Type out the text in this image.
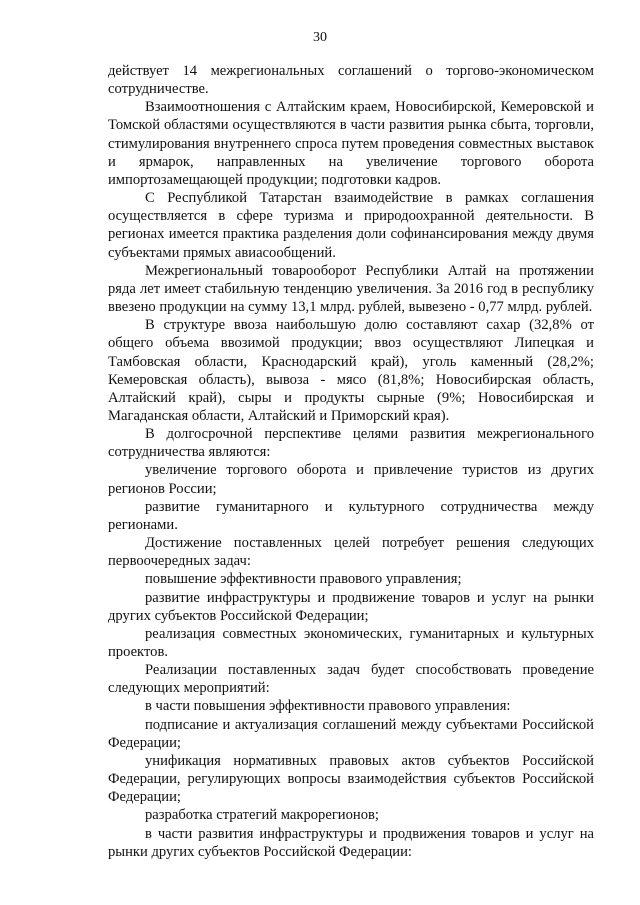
30

действует 14 межрегиональных соглашений о торгово-экономическом сотрудничестве.

Взаимоотношения с Алтайским краем, Новосибирской, Кемеровской и Томской областями осуществляются в части развития рынка сбыта, торговли, стимулирования внутреннего спроса путем проведения совместных выставок и ярмарок, направленных на увеличение торгового оборота импортозамещающей продукции; подготовки кадров.

С Республикой Татарстан взаимодействие в рамках соглашения осуществляется в сфере туризма и природоохранной деятельности. В регионах имеется практика разделения доли софинансирования между двумя субъектами прямых авиасообщений.

Межрегиональный товарооборот Республики Алтай на протяжении ряда лет имеет стабильную тенденцию увеличения. За 2016 год в республику ввезено продукции на сумму 13,1 млрд. рублей, вывезено - 0,77 млрд. рублей.

В структуре ввоза наибольшую долю составляют сахар (32,8% от общего объема ввозимой продукции; ввоз осуществляют Липецкая и Тамбовская области, Краснодарский край), уголь каменный (28,2%; Кемеровская область), вывоза - мясо (81,8%; Новосибирская область, Алтайский край), сыры и продукты сырные (9%; Новосибирская и Магаданская области, Алтайский и Приморский края).

В долгосрочной перспективе целями развития межрегионального сотрудничества являются:

увеличение торгового оборота и привлечение туристов из других регионов России;

развитие гуманитарного и культурного сотрудничества между регионами.

Достижение поставленных целей потребует решения следующих первоочередных задач:

повышение эффективности правового управления;

развитие инфраструктуры и продвижение товаров и услуг на рынки других субъектов Российской Федерации;

реализация совместных экономических, гуманитарных и культурных проектов.

Реализации поставленных задач будет способствовать проведение следующих мероприятий:

в части повышения эффективности правового управления:

подписание и актуализация соглашений между субъектами Российской Федерации;

унификация нормативных правовых актов субъектов Российской Федерации, регулирующих вопросы взаимодействия субъектов Российской Федерации;

разработка стратегий макрорегионов;

в части развития инфраструктуры и продвижения товаров и услуг на рынки других субъектов Российской Федерации:
